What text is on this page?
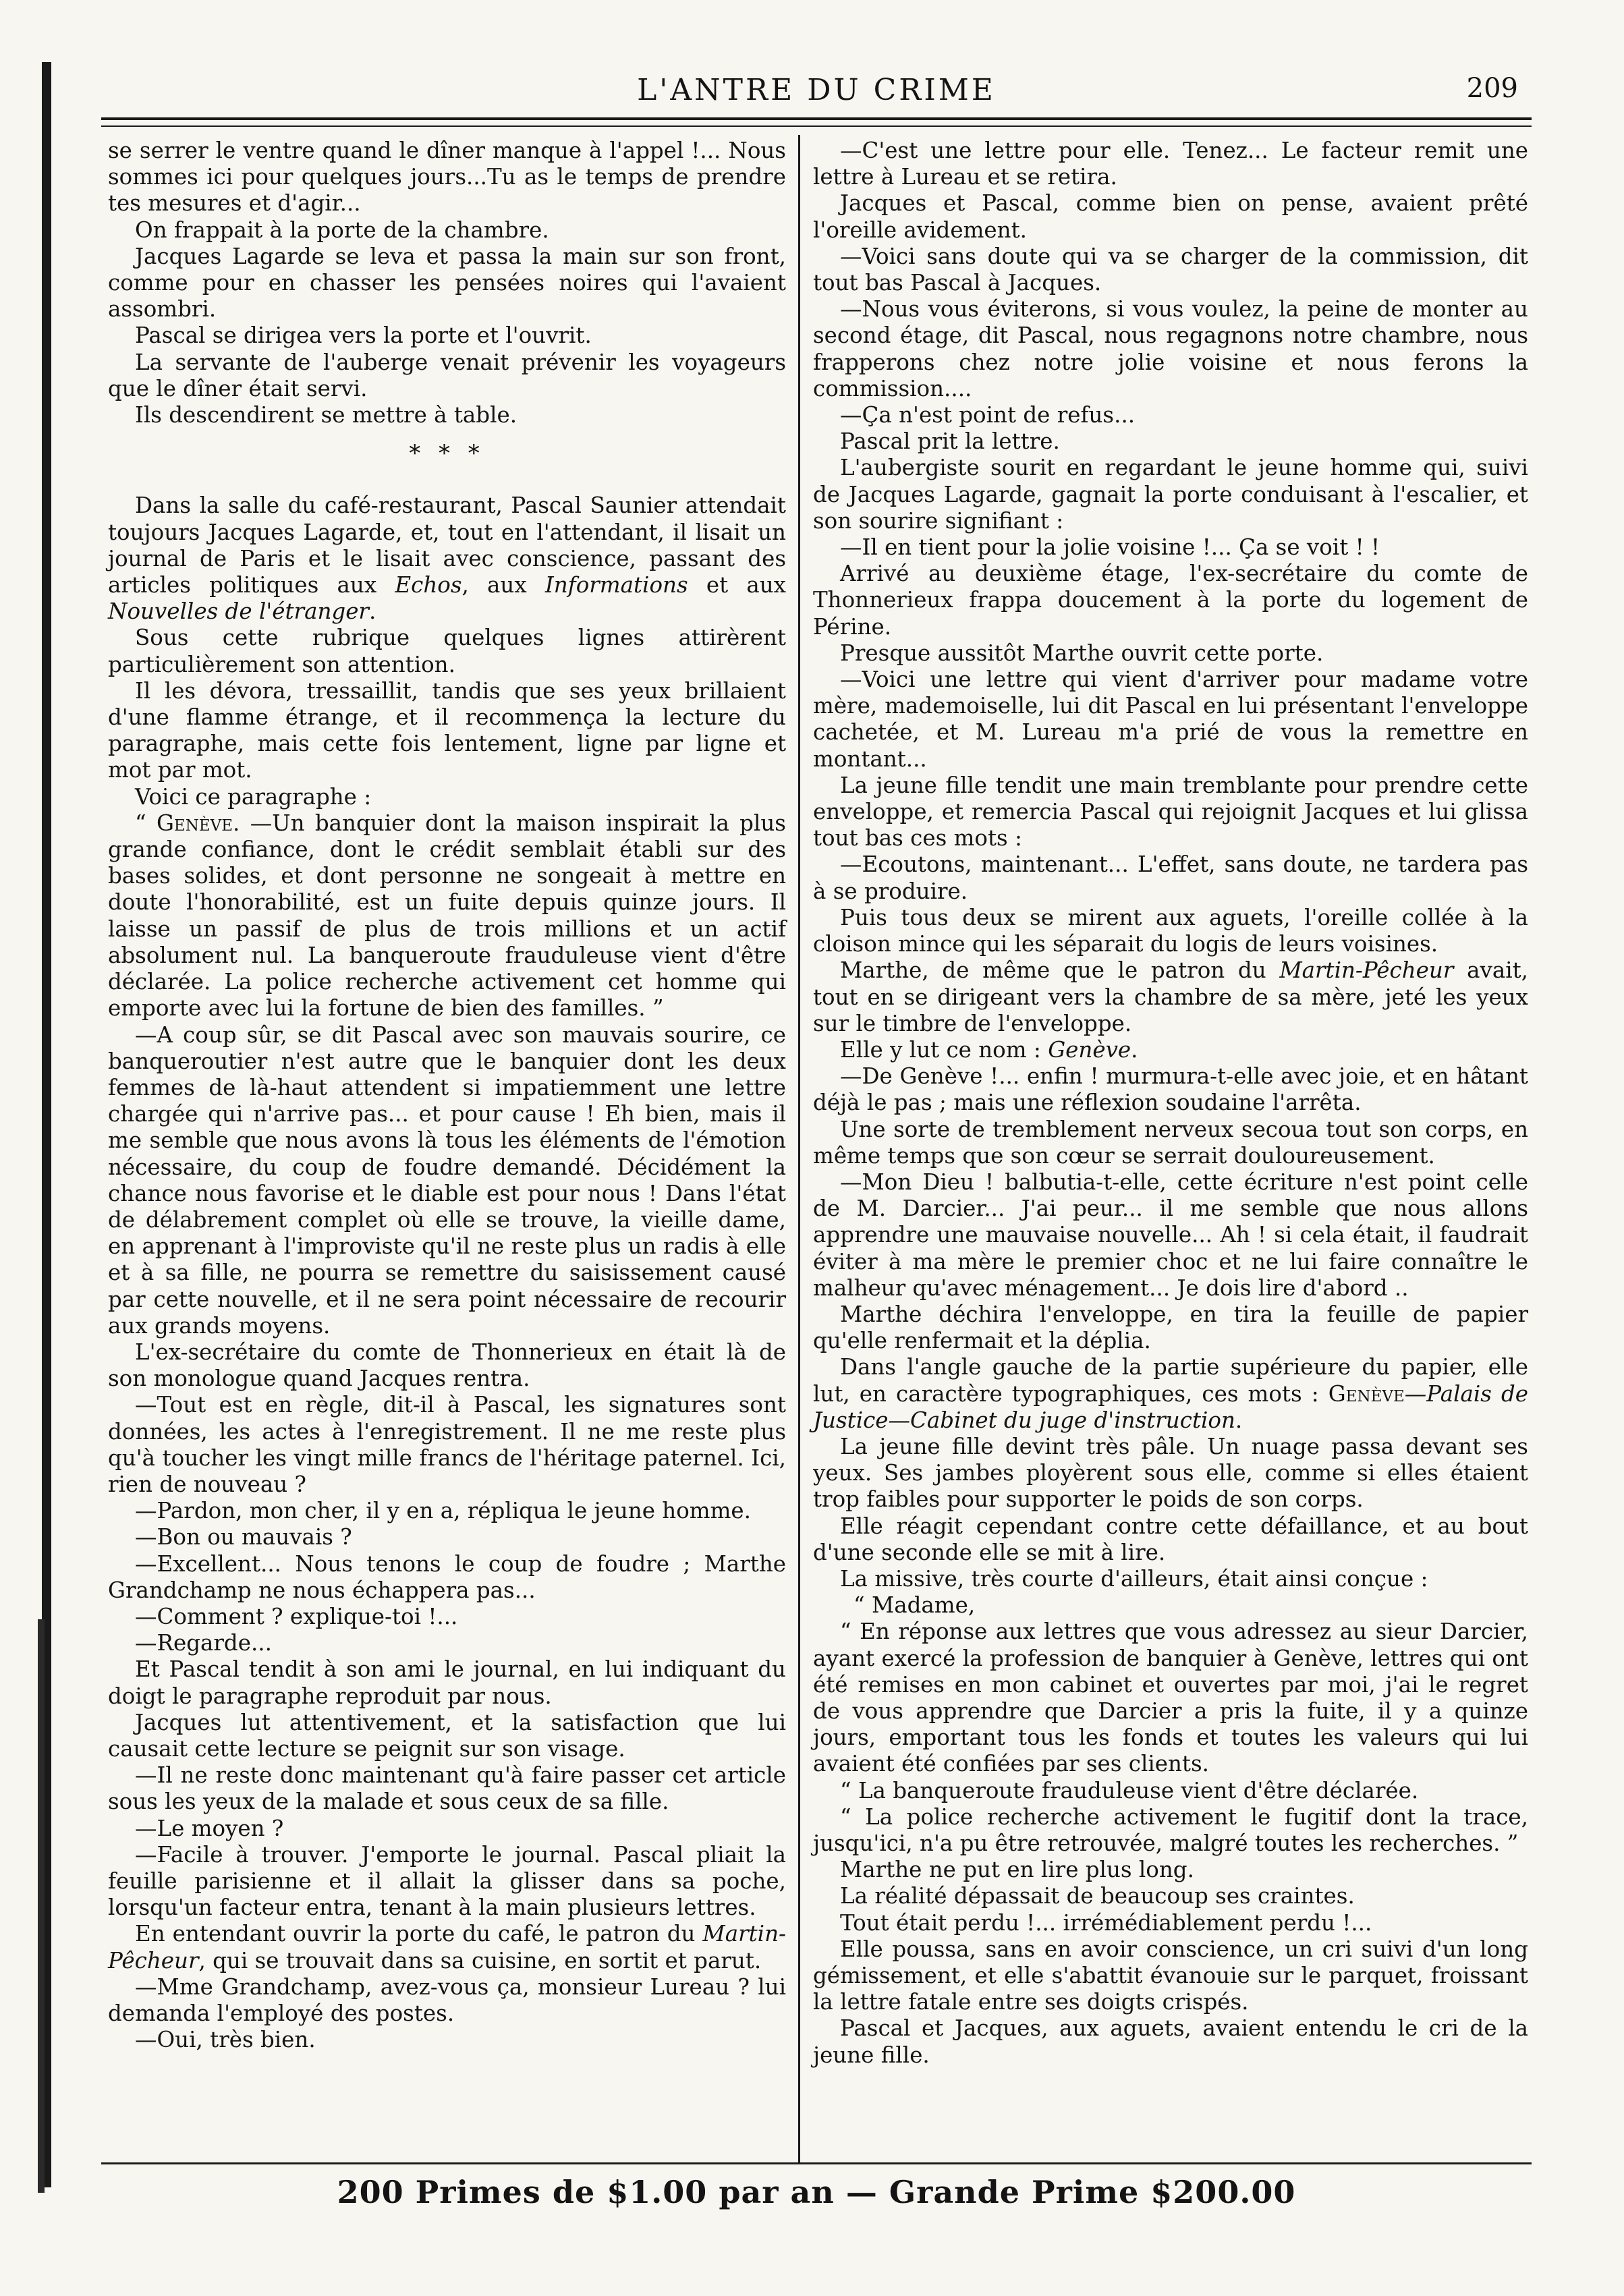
L'ANTRE DU CRIME	209

se serrer le ventre quand le dîner manque à l'appel !... Nous sommes ici pour quelques jours...Tu as le temps de prendre tes mesures et d'agir...

On frappait à la porte de la chambre.

Jacques Lagarde se leva et passa la main sur son front, comme pour en chasser les pensées noires qui l'avaient assombri.

Pascal se dirigea vers la porte et l'ouvrit.

La servante de l'auberge venait prévenir les voyageurs que le dîner était servi.

Ils descendirent se mettre à table.

* * *

Dans la salle du café-restaurant, Pascal Saunier attendait toujours Jacques Lagarde, et, tout en l'attendant, il lisait un journal de Paris et le lisait avec conscience, passant des articles politiques aux Echos, aux Informations et aux Nouvelles de l'étranger.

Sous cette rubrique quelques lignes attirèrent particulièrement son attention.

Il les dévora, tressaillit, tandis que ses yeux brillaient d'une flamme étrange, et il recommença la lecture du paragraphe, mais cette fois lentement, ligne par ligne et mot par mot.

Voici ce paragraphe :

“ Genève. —Un banquier dont la maison inspirait la plus grande confiance, dont le crédit semblait établi sur des bases solides, et dont personne ne songeait à mettre en doute l'honorabilité, est un fuite depuis quinze jours. Il laisse un passif de plus de trois millions et un actif absolument nul. La banqueroute frauduleuse vient d'être déclarée. La police recherche activement cet homme qui emporte avec lui la fortune de bien des familles. ”

—A coup sûr, se dit Pascal avec son mauvais sourire, ce banqueroutier n'est autre que le banquier dont les deux femmes de là-haut attendent si impatiemment une lettre chargée qui n'arrive pas... et pour cause ! Eh bien, mais il me semble que nous avons là tous les éléments de l'émotion nécessaire, du coup de foudre demandé. Décidément la chance nous favorise et le diable est pour nous ! Dans l'état de délabrement complet où elle se trouve, la vieille dame, en apprenant à l'improviste qu'il ne reste plus un radis à elle et à sa fille, ne pourra se remettre du saisissement causé par cette nouvelle, et il ne sera point nécessaire de recourir aux grands moyens.

L'ex-secrétaire du comte de Thonnerieux en était là de son monologue quand Jacques rentra.

—Tout est en règle, dit-il à Pascal, les signatures sont données, les actes à l'enregistrement. Il ne me reste plus qu'à toucher les vingt mille francs de l'héritage paternel. Ici, rien de nouveau ?

—Pardon, mon cher, il y en a, répliqua le jeune homme.

—Bon ou mauvais ?

—Excellent... Nous tenons le coup de foudre ; Marthe Grandchamp ne nous échappera pas...

—Comment ? explique-toi !...

—Regarde...

Et Pascal tendit à son ami le journal, en lui indiquant du doigt le paragraphe reproduit par nous.

Jacques lut attentivement, et la satisfaction que lui causait cette lecture se peignit sur son visage.

—Il ne reste donc maintenant qu'à faire passer cet article sous les yeux de la malade et sous ceux de sa fille.

—Le moyen ?

—Facile à trouver. J'emporte le journal. Pascal pliait la feuille parisienne et il allait la glisser dans sa poche, lorsqu'un facteur entra, tenant à la main plusieurs lettres.

En entendant ouvrir la porte du café, le patron du Martin-Pêcheur, qui se trouvait dans sa cuisine, en sortit et parut.

—Mme Grandchamp, avez-vous ça, monsieur Lureau ? lui demanda l'employé des postes.

—Oui, très bien.

—C'est une lettre pour elle. Tenez... Le facteur remit une lettre à Lureau et se retira.

Jacques et Pascal, comme bien on pense, avaient prêté l'oreille avidement.

—Voici sans doute qui va se charger de la commission, dit tout bas Pascal à Jacques.

—Nous vous éviterons, si vous voulez, la peine de monter au second étage, dit Pascal, nous regagnons notre chambre, nous frapperons chez notre jolie voisine et nous ferons la commission....

—Ça n'est point de refus...

Pascal prit la lettre.

L'aubergiste sourit en regardant le jeune homme qui, suivi de Jacques Lagarde, gagnait la porte conduisant à l'escalier, et son sourire signifiant :

—Il en tient pour la jolie voisine !... Ça se voit ! !

Arrivé au deuxième étage, l'ex-secrétaire du comte de Thonnerieux frappa doucement à la porte du logement de Périne.

Presque aussitôt Marthe ouvrit cette porte.

—Voici une lettre qui vient d'arriver pour madame votre mère, mademoiselle, lui dit Pascal en lui présentant l'enveloppe cachetée, et M. Lureau m'a prié de vous la remettre en montant...

La jeune fille tendit une main tremblante pour prendre cette enveloppe, et remercia Pascal qui rejoignit Jacques et lui glissa tout bas ces mots :

—Ecoutons, maintenant... L'effet, sans doute, ne tardera pas à se produire.

Puis tous deux se mirent aux aguets, l'oreille collée à la cloison mince qui les séparait du logis de leurs voisines.

Marthe, de même que le patron du Martin-Pêcheur avait, tout en se dirigeant vers la chambre de sa mère, jeté les yeux sur le timbre de l'enveloppe.

Elle y lut ce nom : Genève.

—De Genève !... enfin ! murmura-t-elle avec joie, et en hâtant déjà le pas ; mais une réflexion soudaine l'arrêta.

Une sorte de tremblement nerveux secoua tout son corps, en même temps que son cœur se serrait douloureusement.

—Mon Dieu ! balbutia-t-elle, cette écriture n'est point celle de M. Darcier... J'ai peur... il me semble que nous allons apprendre une mauvaise nouvelle... Ah ! si cela était, il faudrait éviter à ma mère le premier choc et ne lui faire connaître le malheur qu'avec ménagement... Je dois lire d'abord ..

Marthe déchira l'enveloppe, en tira la feuille de papier qu'elle renfermait et la déplia.

Dans l'angle gauche de la partie supérieure du papier, elle lut, en caractère typographiques, ces mots : Genève—Palais de Justice—Cabinet du juge d'instruction.

La jeune fille devint très pâle. Un nuage passa devant ses yeux. Ses jambes ployèrent sous elle, comme si elles étaient trop faibles pour supporter le poids de son corps.

Elle réagit cependant contre cette défaillance, et au bout d'une seconde elle se mit à lire.

La missive, très courte d'ailleurs, était ainsi conçue :

“ Madame,

“ En réponse aux lettres que vous adressez au sieur Darcier, ayant exercé la profession de banquier à Genève, lettres qui ont été remises en mon cabinet et ouvertes par moi, j'ai le regret de vous apprendre que Darcier a pris la fuite, il y a quinze jours, emportant tous les fonds et toutes les valeurs qui lui avaient été confiées par ses clients.

“ La banqueroute frauduleuse vient d'être déclarée.

“ La police recherche activement le fugitif dont la trace, jusqu'ici, n'a pu être retrouvée, malgré toutes les recherches. ”

Marthe ne put en lire plus long.

La réalité dépassait de beaucoup ses craintes.

Tout était perdu !... irrémédiablement perdu !...

Elle poussa, sans en avoir conscience, un cri suivi d'un long gémissement, et elle s'abattit évanouie sur le parquet, froissant la lettre fatale entre ses doigts crispés.

Pascal et Jacques, aux aguets, avaient entendu le cri de la jeune fille.

200 Primes de $1.00 par an — Grande Prime $200.00
